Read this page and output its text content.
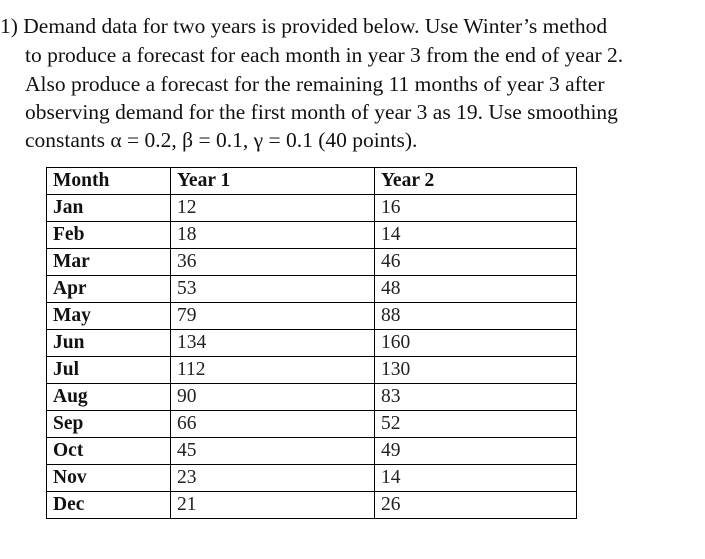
1) Demand data for two years is provided below. Use Winter’s method
to produce a forecast for each month in year 3 from the end of year 2.
Also produce a forecast for the remaining 11 months of year 3 after
observing demand for the first month of year 3 as 19. Use smoothing
constants α = 0.2, β = 0.1, γ = 0.1 (40 points).
Month	Year 1	Year 2
Jan	12	16
Feb	18	14
Mar	36	46
Apr	53	48
May	79	88
Jun	134	160
Jul	112	130
Aug	90	83
Sep	66	52
Oct	45	49
Nov	23	14
Dec	21	26
